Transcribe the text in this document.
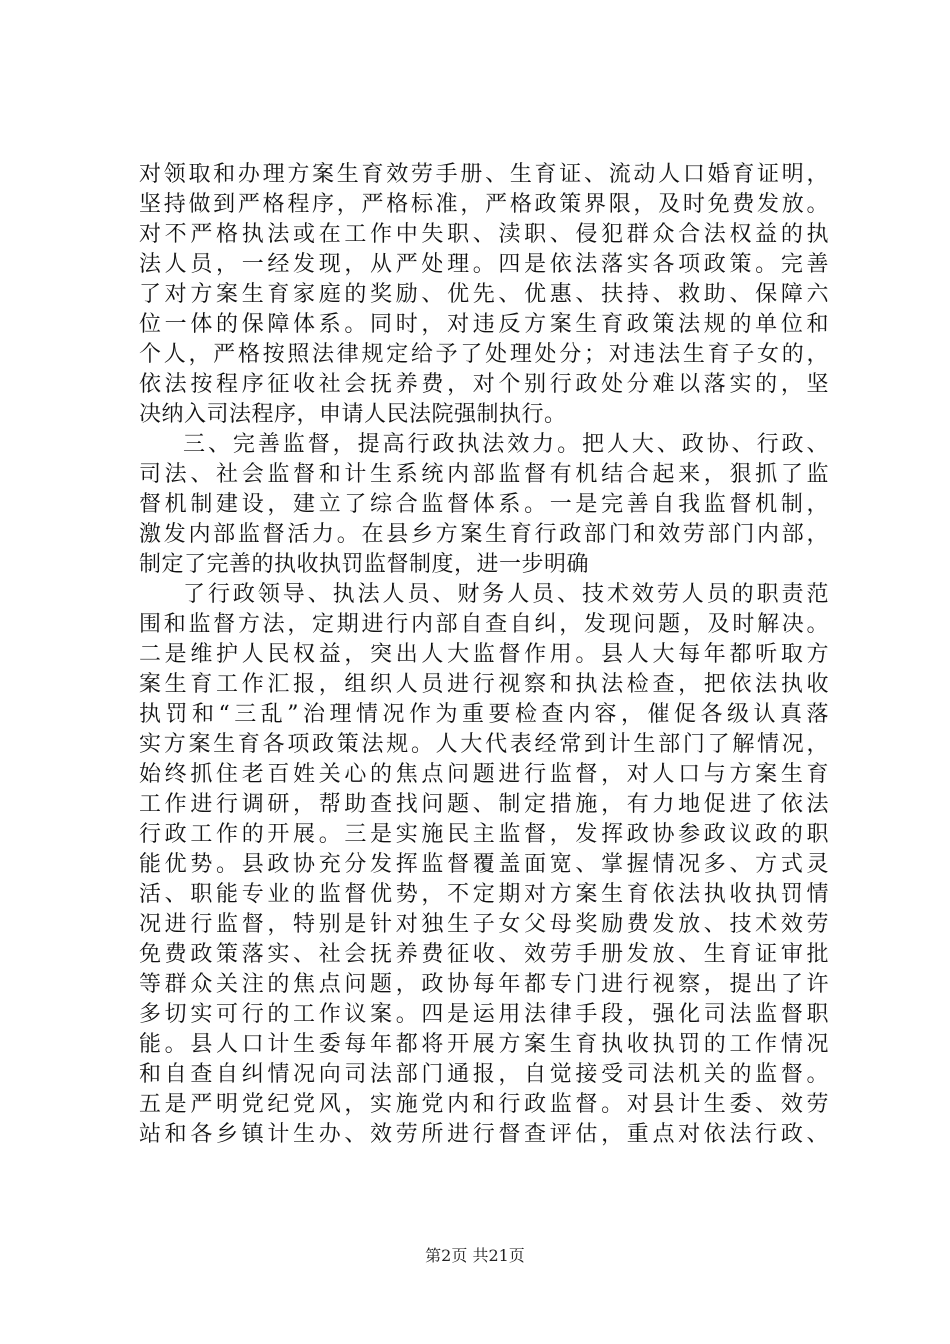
对领取和办理方案生育效劳手册、生育证、流动人口婚育证明，
坚持做到严格程序，严格标准，严格政策界限，及时免费发放。
对不严格执法或在工作中失职、渎职、侵犯群众合法权益的执
法人员，一经发现，从严处理。四是依法落实各项政策。完善
了对方案生育家庭的奖励、优先、优惠、扶持、救助、保障六
位一体的保障体系。同时，对违反方案生育政策法规的单位和
个人，严格按照法律规定给予了处理处分；对违法生育子女的，
依法按程序征收社会抚养费，对个别行政处分难以落实的，坚
决纳入司法程序，申请人民法院强制执行。
三、完善监督，提高行政执法效力。把人大、政协、行政、
司法、社会监督和计生系统内部监督有机结合起来，狠抓了监
督机制建设，建立了综合监督体系。一是完善自我监督机制，
激发内部监督活力。在县乡方案生育行政部门和效劳部门内部，
制定了完善的执收执罚监督制度，进一步明确
了行政领导、执法人员、财务人员、技术效劳人员的职责范
围和监督方法，定期进行内部自查自纠，发现问题，及时解决。
二是维护人民权益，突出人大监督作用。县人大每年都听取方
案生育工作汇报，组织人员进行视察和执法检查，把依法执收
执罚和“三乱”治理情况作为重要检查内容，催促各级认真落
实方案生育各项政策法规。人大代表经常到计生部门了解情况，
始终抓住老百姓关心的焦点问题进行监督，对人口与方案生育
工作进行调研，帮助查找问题、制定措施，有力地促进了依法
行政工作的开展。三是实施民主监督，发挥政协参政议政的职
能优势。县政协充分发挥监督覆盖面宽、掌握情况多、方式灵
活、职能专业的监督优势，不定期对方案生育依法执收执罚情
况进行监督，特别是针对独生子女父母奖励费发放、技术效劳
免费政策落实、社会抚养费征收、效劳手册发放、生育证审批
等群众关注的焦点问题，政协每年都专门进行视察，提出了许
多切实可行的工作议案。四是运用法律手段，强化司法监督职
能。县人口计生委每年都将开展方案生育执收执罚的工作情况
和自查自纠情况向司法部门通报，自觉接受司法机关的监督。
五是严明党纪党风，实施党内和行政监督。对县计生委、效劳
站和各乡镇计生办、效劳所进行督查评估，重点对依法行政、
第2页 共21页
